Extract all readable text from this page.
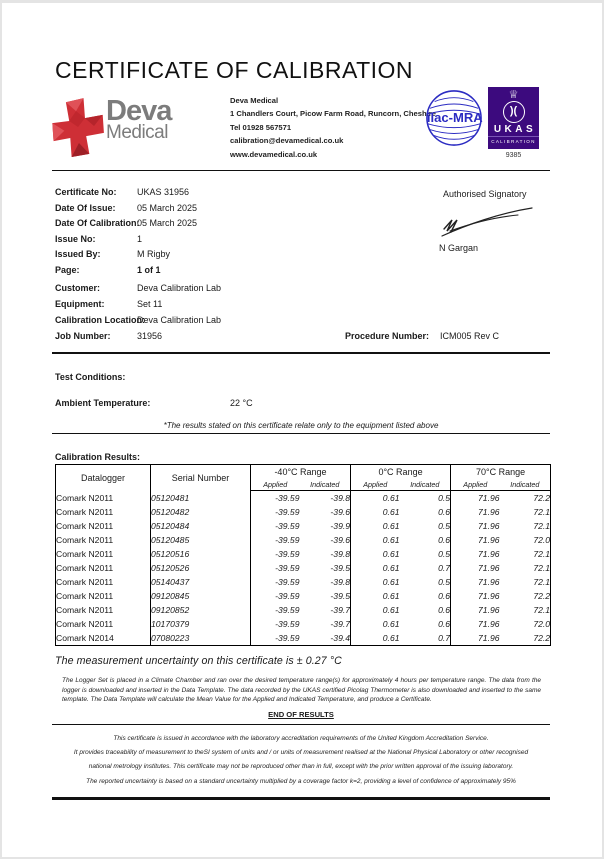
CERTIFICATE OF CALIBRATION
Deva
Medical
Deva Medical
1 Chandlers Court, Picow Farm Road, Runcorn, Cheshire
Tel 01928 567571
calibration@devamedical.co.uk
www.devamedical.co.uk
ilac-MRA
♕
)(
UKAS
CALIBRATION
9385
Certificate No: UKAS 31956
Date Of Issue: 05 March 2025
Date Of Calibration:
05 March 2025
Issue No:	1
Issued By:	M Rigby
Page:	1 of 1
Authorised Signatory
N Gargan
Customer:	Deva Calibration Lab
Equipment:	Set 11
Calibration Location:
Deva Calibration Lab
Job Number:	31956	Procedure Number: ICM005 Rev C
Test Conditions:
Ambient Temperature:	22 °C
*The results stated on this certificate relate only to the equipment listed above
Calibration Results:
Datalogger	Serial Number	-40°C Range		0°C Range		70°C Range	
		Applied	Indicated	Applied	Indicated	Applied	Indicated
Comark N2011	05120481	-39.59	-39.8	0.61	0.5	71.96	72.2
Comark N2011	05120482	-39.59	-39.6	0.61	0.6	71.96	72.1
Comark N2011	05120484	-39.59	-39.9	0.61	0.5	71.96	72.1
Comark N2011	05120485	-39.59	-39.6	0.61	0.6	71.96	72.0
Comark N2011	05120516	-39.59	-39.8	0.61	0.5	71.96	72.1
Comark N2011	05120526	-39.59	-39.5	0.61	0.7	71.96	72.1
Comark N2011	05140437	-39.59	-39.8	0.61	0.5	71.96	72.1
Comark N2011	09120845	-39.59	-39.5	0.61	0.6	71.96	72.2
Comark N2011	09120852	-39.59	-39.7	0.61	0.6	71.96	72.1
Comark N2011	10170379	-39.59	-39.7	0.61	0.6	71.96	72.0
Comark N2014	07080223	-39.59	-39.4	0.61	0.7	71.96	72.2
The measurement uncertainty on this certificate is ± 0.27 °C
The Logger Set is placed in a Climate Chamber and ran over the desired temperature range(s) for approximately 4 hours per temperature range. The data from the logger is downloaded and inserted in the Data Template. The data recorded by the UKAS certified Picolag Thermometer is also downloaded and inserted to the same template. The Data Template will calculate the Mean Value for the Applied and Indicated Temperature, and produce a Certificate.
END OF RESULTS
This certificate is issued in accordance with the laboratory accreditation requirements of the United Kingdom Accreditation Service.
It provides traceability of measurement to theSI system of units and / or units of measurement realised at the National Physical Laboratory or other recognised
national metrology institutes. This certificate may not be reproduced other than in full, except with the prior written approval of the issuing laboratory.
The reported uncertainty is based on a standard uncertainty multiplied by a coverage factor k=2, providing a level of confidence of approximately 95%
